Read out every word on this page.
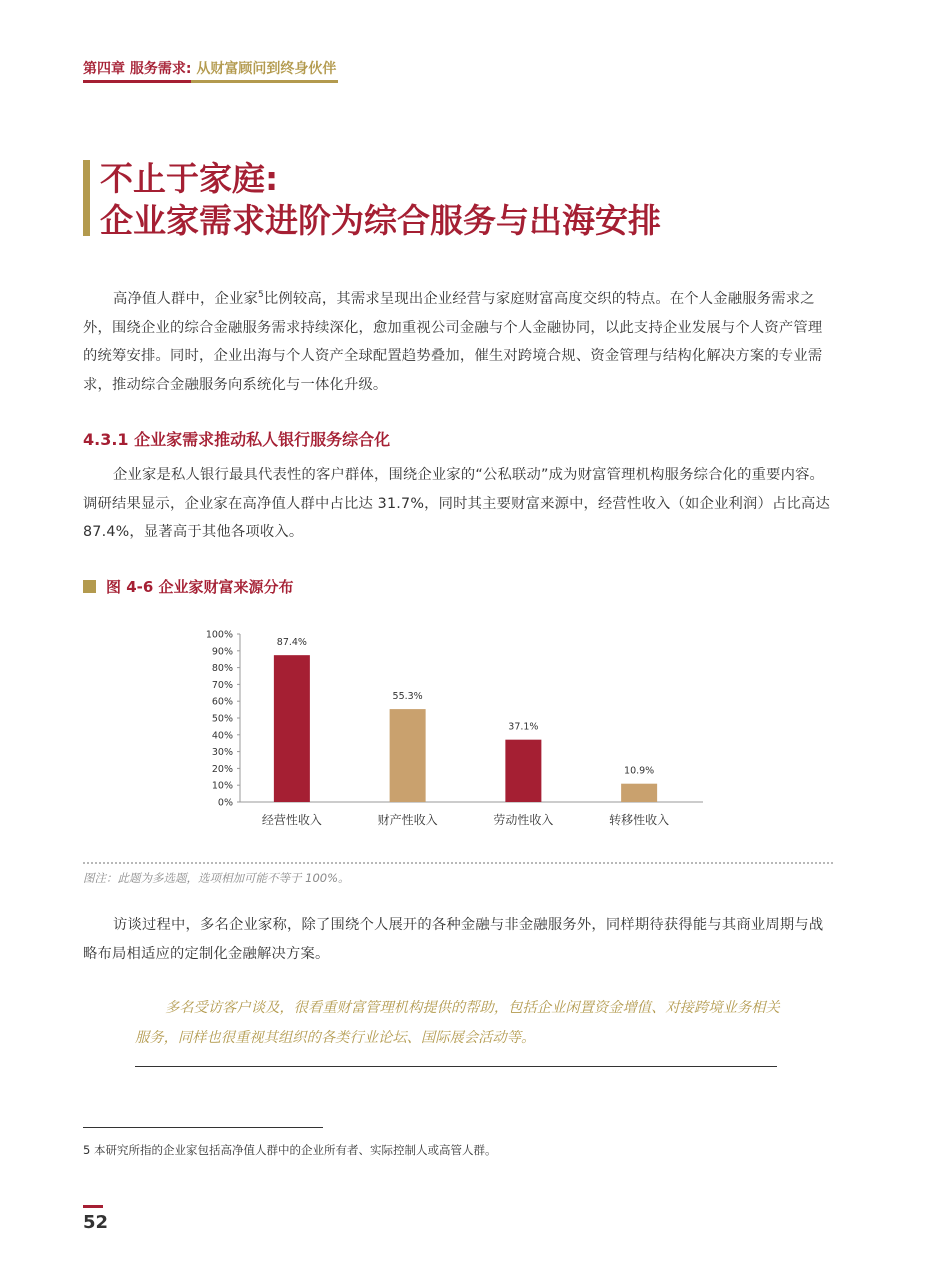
第四章 服务需求: 从财富顾问到终身伙伴
不止于家庭:
企业家需求进阶为综合服务与出海安排

高净值人群中，企业家$^5$比例较高，其需求呈现出企业经营与家庭财富高度交织的特点。在个人金融服务需求之外，围绕企业的综合金融服务需求持续深化，愈加重视公司金融与个人金融协同，以此支持企业发展与个人资产管理的统筹安排。同时，企业出海与个人资产全球配置趋势叠加，催生对跨境合规、资金管理与结构化解决方案的专业需求，推动综合金融服务向系统化与一体化升级。

4.3.1 企业家需求推动私人银行服务综合化

企业家是私人银行最具代表性的客户群体，围绕企业家的“公私联动”成为财富管理机构服务综合化的重要内容。调研结果显示，企业家在高净值人群中占比达 31.7%，同时其主要财富来源中，经营性收入（如企业利润）占比高达 87.4%，显著高于其他各项收入。

图 4-6 企业家财富来源分布
0%
10%
20%
30%
40%
50%
60%
70%
80%
90%
100%
87.4%
经营性收入
55.3%
财产性收入
37.1%
劳动性收入
10.9%
转移性收入

图注：此题为多选题，选项相加可能不等于 100%。

访谈过程中，多名企业家称，除了围绕个人展开的各种金融与非金融服务外，同样期待获得能与其商业周期与战略布局相适应的定制化金融解决方案。

多名受访客户谈及，很看重财富管理机构提供的帮助，包括企业闲置资金增值、对接跨境业务相关服务，同样也很重视其组织的各类行业论坛、国际展会活动等。

5 本研究所指的企业家包括高净值人群中的企业所有者、实际控制人或高管人群。

52
